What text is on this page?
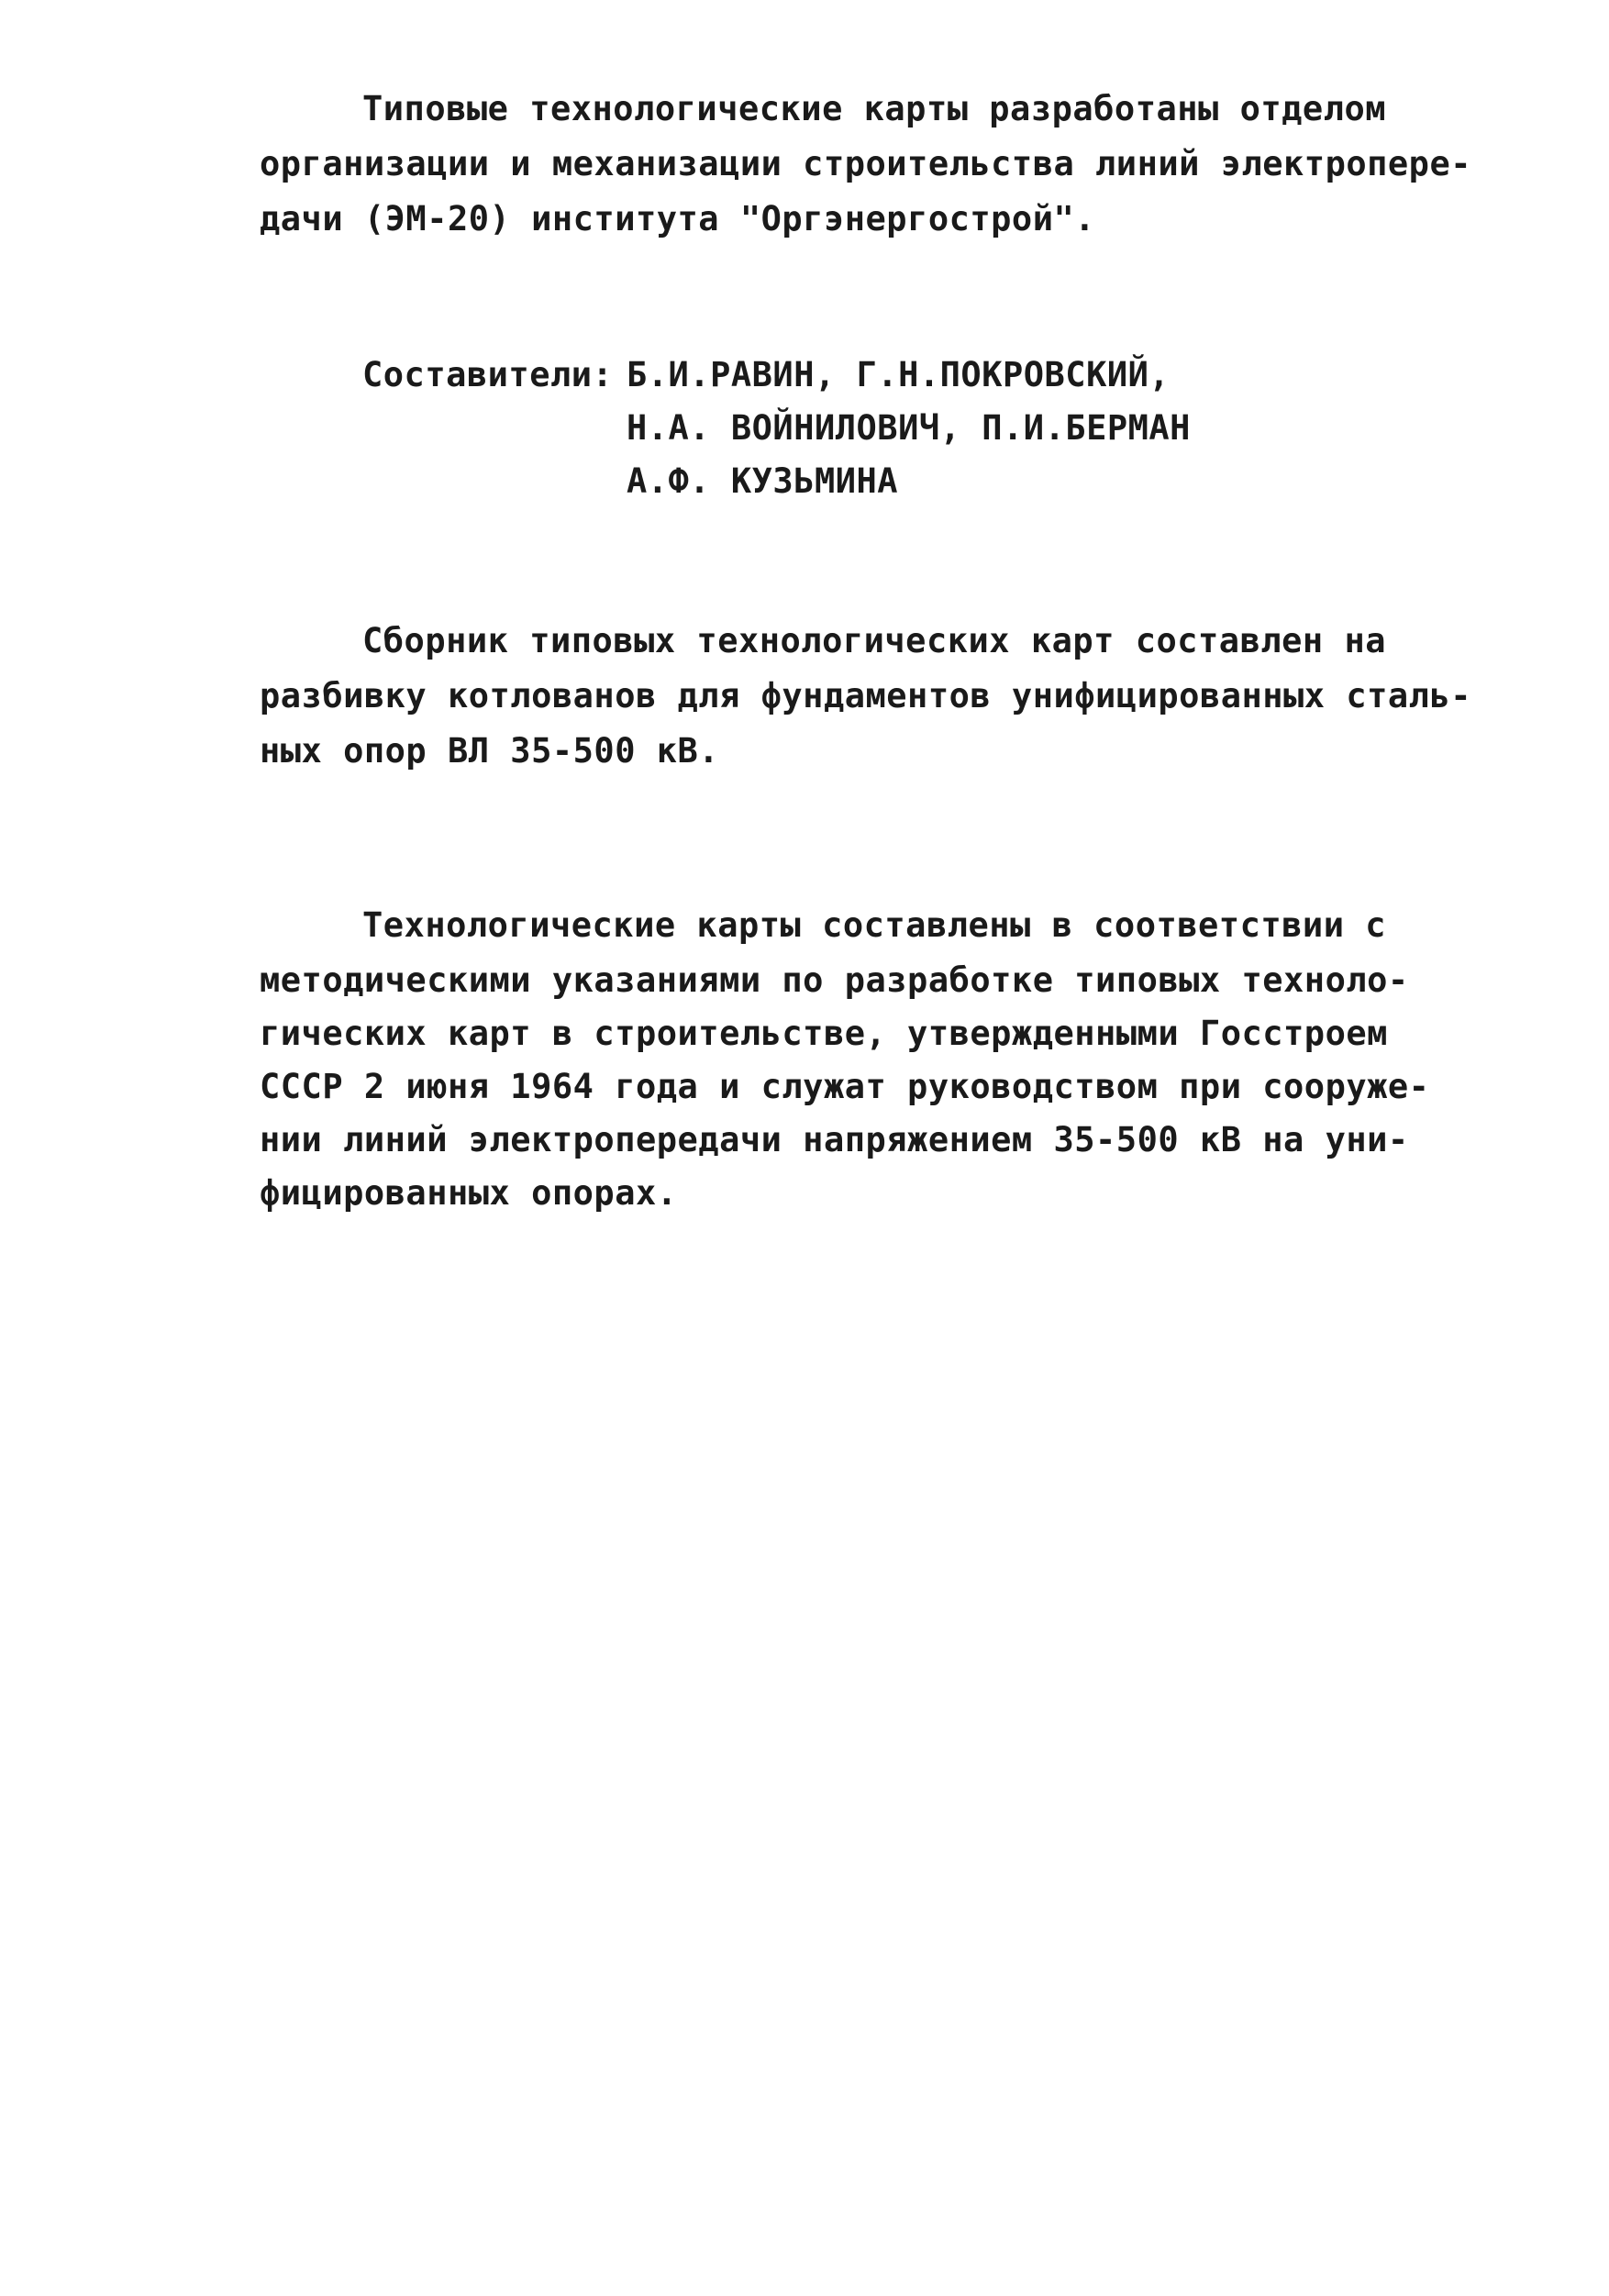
Типовые технологические карты разработаны отделом
организации и механизации строительства линий электропере-
дачи (ЭМ-20) института "Оргэнергострой".
Составители: Б.И.РАВИН, Г.Н.ПОКРОВСКИЙ,
Н.А. ВОЙНИЛОВИЧ, П.И.БЕРМАН
А.Ф. КУЗЬМИНА
Сборник типовых технологических карт составлен на
разбивку котлованов для фундаментов унифицированных сталь-
ных опор ВЛ 35-500 кВ.
Технологические карты составлены в соответствии с
методическими указаниями по разработке типовых техноло-
гических карт в строительстве, утвержденными Госстроем
СССР 2 июня 1964 года и служат руководством при сооруже-
нии линий электропередачи напряжением 35-500 кВ на уни-
фицированных опорах.
